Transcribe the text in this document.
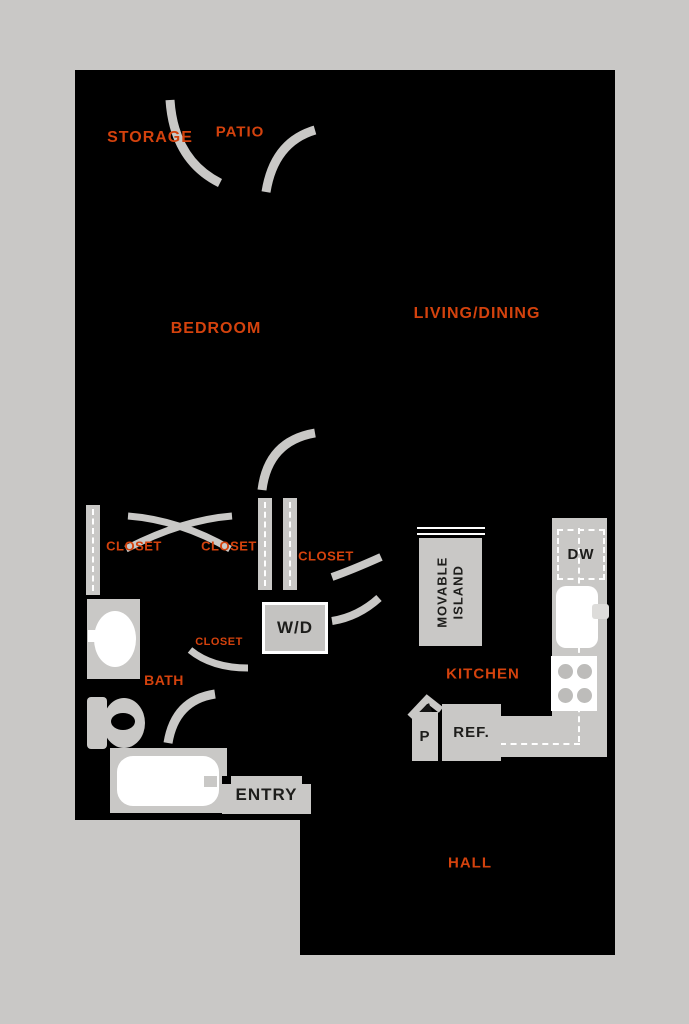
DW
MOVABLE ISLAND
W/D
P REF.
ENTRY
STORAGE PATIO
BEDROOM
LIVING/DINING
CLOSET	CLOSET
CLOSET
CLOSET
BATH	KITCHEN
HALL
